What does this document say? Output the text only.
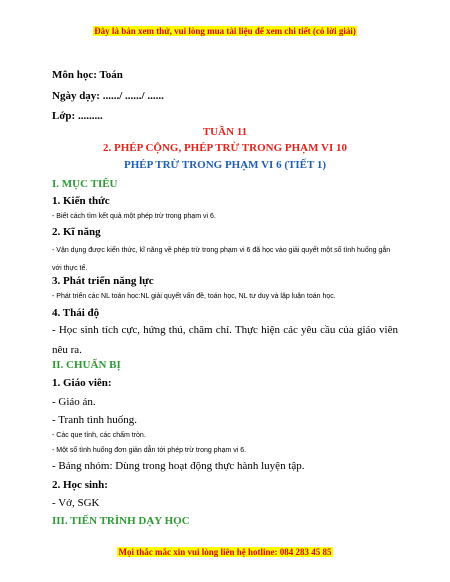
Đây là bản xem thử, vui lòng mua tài liệu để xem chi tiết (có lời giải)
Môn học: Toán
Ngày dạy: ....../ ....../ ......
Lớp: .........
TUẦN 11
2. PHÉP CỘNG, PHÉP TRỪ TRONG PHẠM VI 10
PHÉP TRỪ TRONG PHẠM VI 6 (TIẾT 1)
I. MỤC TIÊU
1. Kiến thức
- Biết cách tìm kết quả một phép trừ trong phạm vi 6.
2. Kĩ năng
- Vận dụng được kiến thức, kĩ năng về phép trừ trong phạm vi 6 đã học vào giải quyết một số tình huống gắn với thực tế.
3. Phát triển năng lực
- Phát triển các NL toán học:NL giải quyết vấn đề, toán học, NL tư duy và lập luận toán học.
4. Thái độ
- Học sinh tích cực, hứng thú, chăm chỉ. Thực hiện các yêu cầu của giáo viên nêu ra.
II. CHUẨN BỊ
1. Giáo viên:
- Giáo án.
- Tranh tình huống.
- Các que tính, các chấm tròn.
- Một số tình huống đơn giản dẫn tới phép trừ trong phạm vi 6.
- Bảng nhóm: Dùng trong hoạt động thực hành luyện tập.
2. Học sinh:
- Vở, SGK
III. TIẾN TRÌNH DẠY HỌC
Mọi thắc mắc xin vui lòng liên hệ hotline: 084 283 45 85
